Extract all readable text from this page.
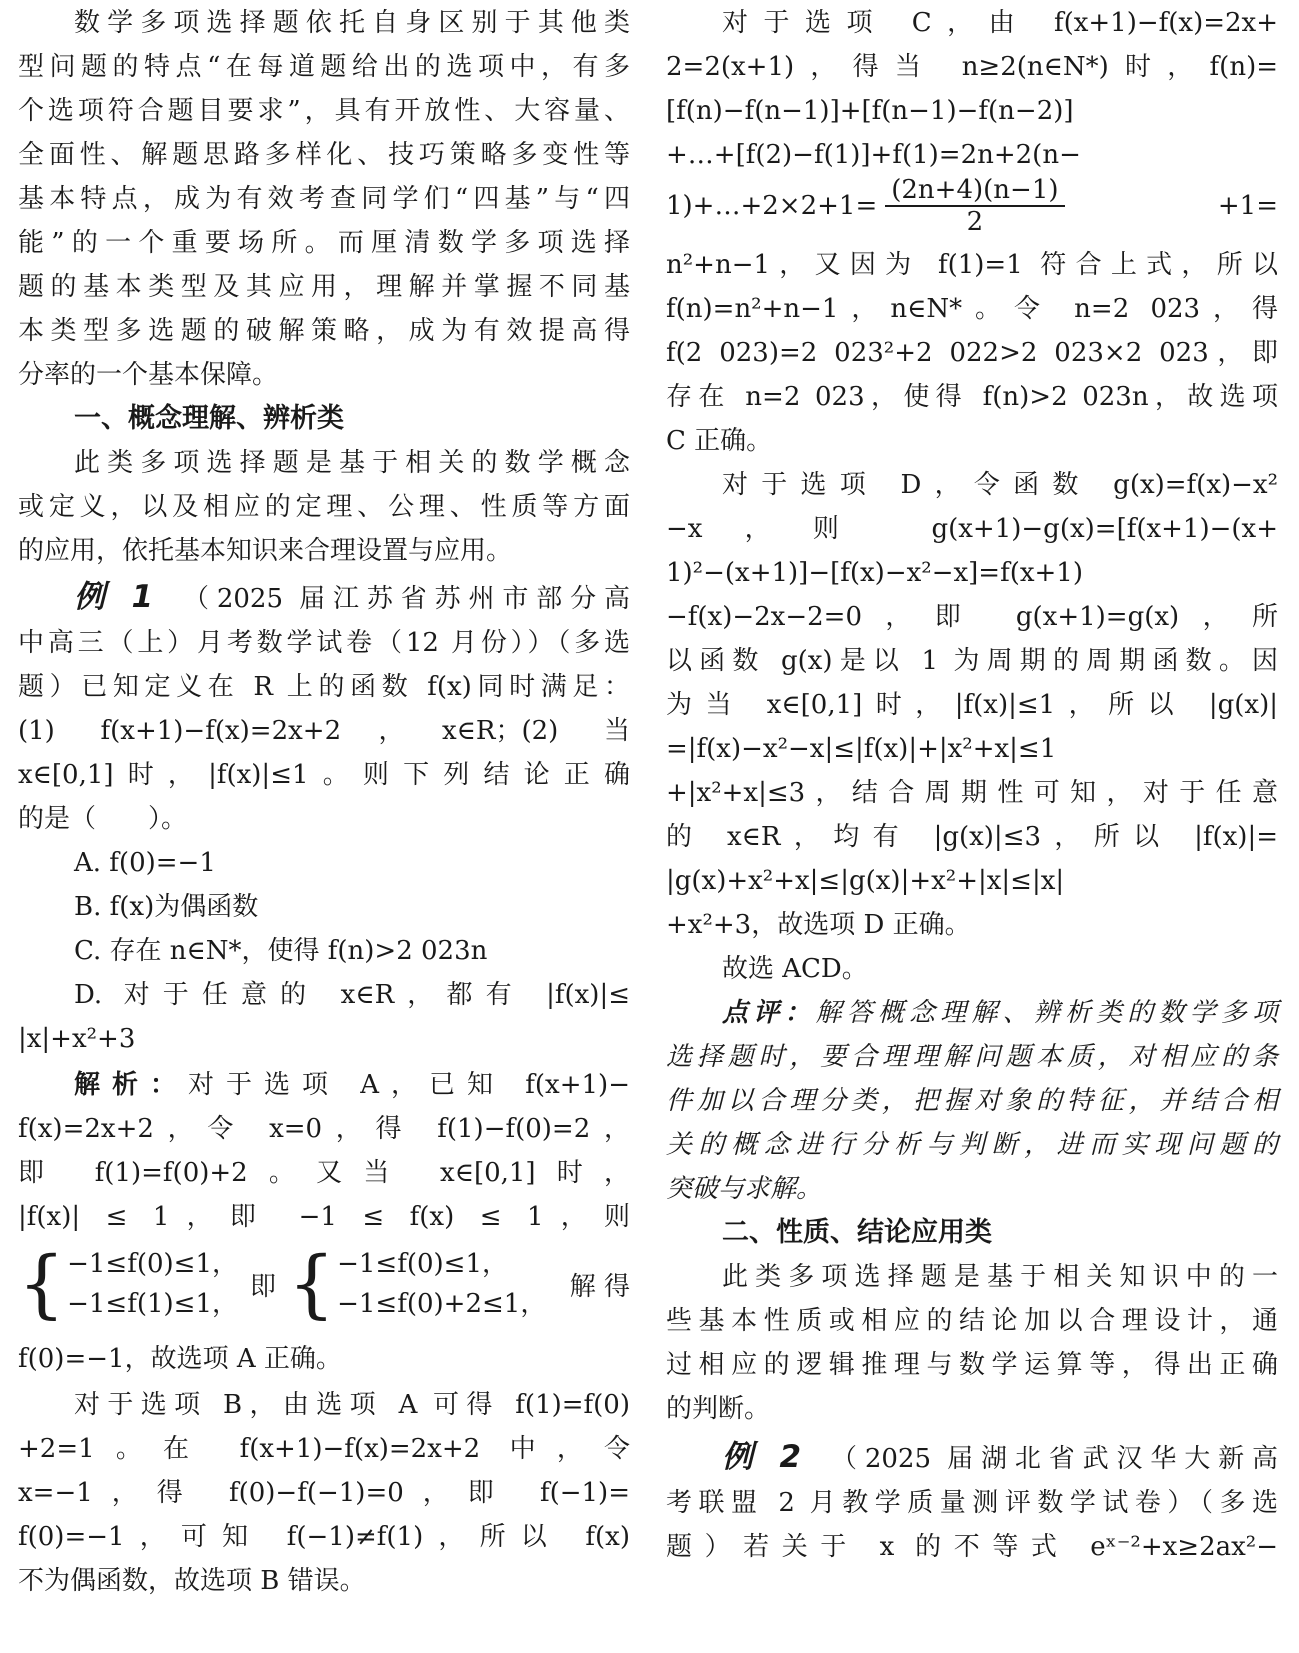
数学多项选择题依托自身区别于其他类
型问题的特点“在每道题给出的选项中，有多
个选项符合题目要求”，具有开放性、大容量、
全面性、解题思路多样化、技巧策略多变性等
基本特点，成为有效考查同学们“四基”与“四
能”的一个重要场所。而厘清数学多项选择
题的基本类型及其应用，理解并掌握不同基
本类型多选题的破解策略，成为有效提高得
分率的一个基本保障。
一、概念理解、辨析类
此类多项选择题是基于相关的数学概念
或定义，以及相应的定理、公理、性质等方面
的应用，依托基本知识来合理设置与应用。
例 1 （2025 届江苏省苏州市部分高
中高三（上）月考数学试卷（12 月份））（多选
题）已知定义在 R 上的函数 f(x)同时满足：
(1) f(x+1)−f(x)=2x+2，x∈R；(2) 当
x∈[0,1]时，|f(x)|≤1。则下列结论正确
的是（　　）。
A. f(0)=−1
B. f(x)为偶函数
C. 存在 n∈N*，使得 f(n)>2 023n
D. 对于任意的 x∈R，都有 |f(x)|≤
|x|+x²+3
解析：对于选项 A，已知 f(x+1)−
f(x)=2x+2，令 x=0，得 f(1)−f(0)=2，
即 f(1)=f(0)+2。又当 x∈[0,1]时，
|f(x)| ≤ 1，即 −1 ≤ f(x) ≤ 1，则
{ −1≤f(0)≤1，
−1≤f(1)≤1，
即 { −1≤f(0)≤1，
−1≤f(0)+2≤1，
解 得
f(0)=−1，故选项 A 正确。
对于选项 B，由选项 A 可得 f(1)=f(0)
+2=1。在 f(x+1)−f(x)=2x+2 中，令
x=−1，得 f(0)−f(−1)=0，即 f(−1)=
f(0)=−1，可知 f(−1)≠f(1)，所以 f(x)
不为偶函数，故选项 B 错误。
对于选项 C，由 f(x+1)−f(x)=2x+
2=2(x+1)，得当 n≥2(n∈N*)时，f(n)=
[f(n)−f(n−1)]+[f(n−1)−f(n−2)]
+…+[f(2)−f(1)]+f(1)=2n+2(n−
1)+…+2×2+1= $\frac{(2n+4)(n-1)}{2}$	+1=
n²+n−1，又因为 f(1)=1 符合上式，所以
f(n)=n²+n−1，n∈N*。令 n=2 023，得
f(2 023)=2 023²+2 022>2 023×2 023，即
存在 n=2 023，使得 f(n)>2 023n，故选项
C 正确。
对于选项 D，令函数 g(x)=f(x)−x²
−x，则 g(x+1)−g(x)=[f(x+1)−(x+
1)²−(x+1)]−[f(x)−x²−x]=f(x+1)
−f(x)−2x−2=0，即 g(x+1)=g(x)，所
以函数 g(x)是以 1 为周期的周期函数。因
为当 x∈[0,1]时，|f(x)|≤1，所以 |g(x)|
=|f(x)−x²−x|≤|f(x)|+|x²+x|≤1
+|x²+x|≤3，结合周期性可知，对于任意
的 x∈R，均有 |g(x)|≤3，所以 |f(x)|=
|g(x)+x²+x|≤|g(x)|+x²+|x|≤|x|
+x²+3，故选项 D 正确。
故选 ACD。
点评：解答概念理解、辨析类的数学多项
选择题时，要合理理解问题本质，对相应的条
件加以合理分类，把握对象的特征，并结合相
关的概念进行分析与判断，进而实现问题的
突破与求解。
二、性质、结论应用类
此类多项选择题是基于相关知识中的一
些基本性质或相应的结论加以合理设计，通
过相应的逻辑推理与数学运算等，得出正确
的判断。
例 2 （2025 届湖北省武汉华大新高
考联盟 2 月教学质量测评数学试卷）（多选
题）若关于 x 的不等式 eˣ⁻²+x≥2ax²−
